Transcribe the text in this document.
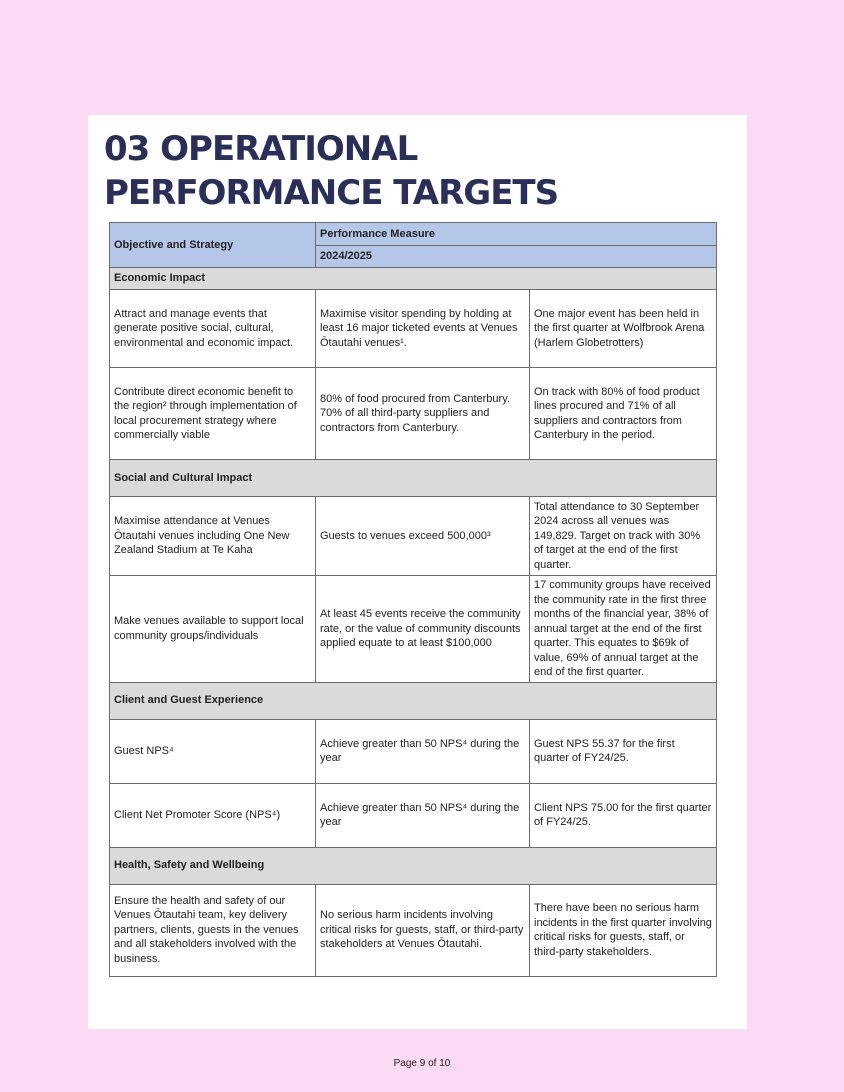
03 OPERATIONAL
PERFORMANCE TARGETS
Objective and Strategy	Performance Measure	
	2024/2025	
Economic Impact		
Attract and manage events that generate positive social, cultural, environmental and economic impact.	Maximise visitor spending by holding at least 16 major ticketed events at Venues Ōtautahi venues¹.	One major event has been held in the first quarter at Wolfbrook Arena (Harlem Globetrotters)
Contribute direct economic benefit to the region² through implementation of local procurement strategy where commercially viable	80% of food procured from Canterbury. 70% of all third-party suppliers and contractors from Canterbury.	On track with 80% of food product lines procured and 71% of all suppliers and contractors from Canterbury in the period.
Social and Cultural Impact		
Maximise attendance at Venues Ōtautahi venues including One New Zealand Stadium at Te Kaha	Guests to venues exceed 500,000³	Total attendance to 30 September 2024 across all venues was 149,829. Target on track with 30% of target at the end of the first quarter.
Make venues available to support local community groups/individuals	At least 45 events receive the community rate, or the value of community discounts applied equate to at least $100,000	17 community groups have received the community rate in the first three months of the financial year, 38% of annual target at the end of the first quarter. This equates to $69k of value, 69% of annual target at the end of the first quarter.
Client and Guest Experience		
Guest NPS⁴	Achieve greater than 50 NPS⁴ during the year	Guest NPS 55.37 for the first quarter of FY24/25.
Client Net Promoter Score (NPS⁴)	Achieve greater than 50 NPS⁴ during the year	Client NPS 75.00 for the first quarter of FY24/25.
Health, Safety and Wellbeing		
Ensure the health and safety of our Venues Ōtautahi team, key delivery partners, clients, guests in the venues and all stakeholders involved with the business.	No serious harm incidents involving critical risks for guests, staff, or third-party stakeholders at Venues Ōtautahi.	There have been no serious harm incidents in the first quarter involving critical risks for guests, staff, or third-party stakeholders.
Page 9 of 10
